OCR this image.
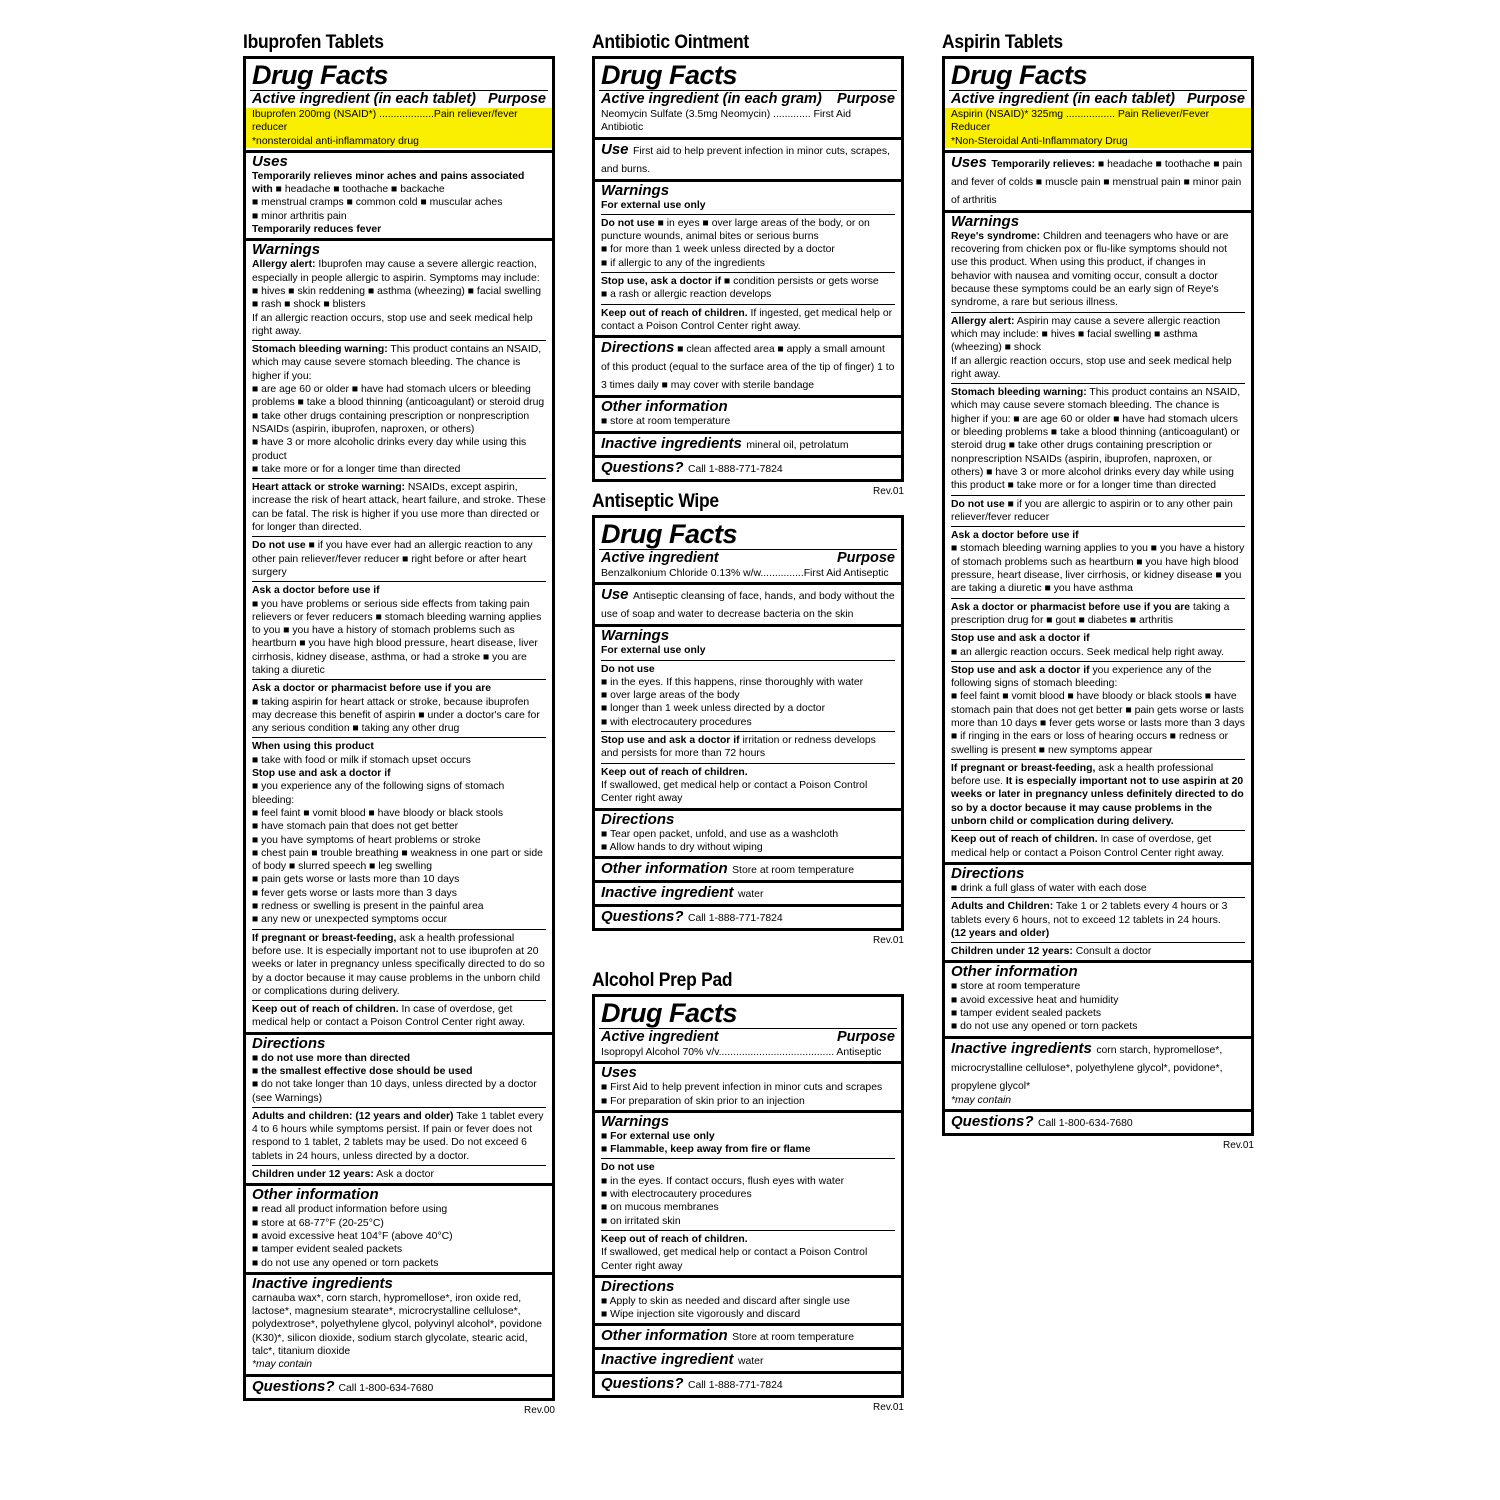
Ibuprofen Tablets
Drug Facts
Active ingredient (in each tablet) Purpose
Ibuprofen 200mg (NSAID*) ...................Pain reliever/fever reducer
*nonsteroidal anti-inflammatory drug
Uses
Temporarily relieves minor aches and pains associated with ■ headache ■ toothache ■ backache
■ menstrual cramps ■ common cold ■ muscular aches
■ minor arthritis pain
Temporarily reduces fever
Warnings
Allergy alert: Ibuprofen may cause a severe allergic reaction, especially in people allergic to aspirin. Symptoms may include: ■ hives ■ skin reddening ■ asthma (wheezing) ■ facial swelling ■ rash ■ shock ■ blisters
If an allergic reaction occurs, stop use and seek medical help right away.
Stomach bleeding warning: This product contains an NSAID, which may cause severe stomach bleeding. The chance is higher if you:
■ are age 60 or older ■ have had stomach ulcers or bleeding problems ■ take a blood thinning (anticoagulant) or steroid drug ■ take other drugs containing prescription or nonprescription NSAIDs (aspirin, ibuprofen, naproxen, or others)
■ have 3 or more alcoholic drinks every day while using this product
■ take more or for a longer time than directed
Heart attack or stroke warning: NSAIDs, except aspirin, increase the risk of heart attack, heart failure, and stroke. These can be fatal. The risk is higher if you use more than directed or for longer than directed.
Do not use ■ if you have ever had an allergic reaction to any other pain reliever/fever reducer ■ right before or after heart surgery
Ask a doctor before use if
■ you have problems or serious side effects from taking pain relievers or fever reducers ■ stomach bleeding warning applies to you ■ you have a history of stomach problems such as heartburn ■ you have high blood pressure, heart disease, liver cirrhosis, kidney disease, asthma, or had a stroke ■ you are taking a diuretic
Ask a doctor or pharmacist before use if you are
■ taking aspirin for heart attack or stroke, because ibuprofen may decrease this benefit of aspirin ■ under a doctor's care for any serious condition ■ taking any other drug
When using this product
■ take with food or milk if stomach upset occurs
Stop use and ask a doctor if
■ you experience any of the following signs of stomach bleeding:
■ feel faint ■ vomit blood ■ have bloody or black stools
■ have stomach pain that does not get better
■ you have symptoms of heart problems or stroke
■ chest pain ■ trouble breathing ■ weakness in one part or side of body ■ slurred speech ■ leg swelling
■ pain gets worse or lasts more than 10 days
■ fever gets worse or lasts more than 3 days
■ redness or swelling is present in the painful area
■ any new or unexpected symptoms occur
If pregnant or breast-feeding, ask a health professional before use. It is especially important not to use ibuprofen at 20 weeks or later in pregnancy unless specifically directed to do so by a doctor because it may cause problems in the unborn child or complications during delivery.
Keep out of reach of children. In case of overdose, get medical help or contact a Poison Control Center right away.
Directions
■ do not use more than directed
■ the smallest effective dose should be used
■ do not take longer than 10 days, unless directed by a doctor (see Warnings)
Adults and children: (12 years and older) Take 1 tablet every 4 to 6 hours while symptoms persist. If pain or fever does not respond to 1 tablet, 2 tablets may be used. Do not exceed 6 tablets in 24 hours, unless directed by a doctor.
Children under 12 years: Ask a doctor
Other information
■ read all product information before using
■ store at 68-77°F (20-25°C)
■ avoid excessive heat 104°F (above 40°C)
■ tamper evident sealed packets
■ do not use any opened or torn packets
Inactive ingredients
carnauba wax*, corn starch, hypromellose*, iron oxide red, lactose*, magnesium stearate*, microcrystalline cellulose*, polydextrose*, polyethylene glycol, polyvinyl alcohol*, povidone (K30)*, silicon dioxide, sodium starch glycolate, stearic acid, talc*, titanium dioxide
*may contain
Questions? Call 1-800-634-7680
Rev.00
Antibiotic Ointment
Drug Facts
Active ingredient (in each gram) Purpose
Neomycin Sulfate (3.5mg Neomycin) ............. First Aid Antibiotic
Use First aid to help prevent infection in minor cuts, scrapes, and burns.
Warnings
For external use only
Do not use ■ in eyes ■ over large areas of the body, or on puncture wounds, animal bites or serious burns
■ for more than 1 week unless directed by a doctor
■ if allergic to any of the ingredients
Stop use, ask a doctor if ■ condition persists or gets worse
■ a rash or allergic reaction develops
Keep out of reach of children. If ingested, get medical help or contact a Poison Control Center right away.
Directions ■ clean affected area ■ apply a small amount of this product (equal to the surface area of the tip of finger) 1 to 3 times daily ■ may cover with sterile bandage
Other information
■ store at room temperature
Inactive ingredients mineral oil, petrolatum
Questions? Call 1-888-771-7824
Rev.01
Antiseptic Wipe
Drug Facts
Active ingredient	Purpose
Benzalkonium Chloride 0.13% w/w...............First Aid Antiseptic
Use Antiseptic cleansing of face, hands, and body without the use of soap and water to decrease bacteria on the skin
Warnings
For external use only
Do not use
■ in the eyes. If this happens, rinse thoroughly with water
■ over large areas of the body
■ longer than 1 week unless directed by a doctor
■ with electrocautery procedures
Stop use and ask a doctor if irritation or redness develops and persists for more than 72 hours
Keep out of reach of children.
If swallowed, get medical help or contact a Poison Control Center right away
Directions
■ Tear open packet, unfold, and use as a washcloth
■ Allow hands to dry without wiping
Other information Store at room temperature
Inactive ingredient water
Questions? Call 1-888-771-7824
Rev.01
Alcohol Prep Pad
Drug Facts
Active ingredient	Purpose
Isopropyl Alcohol 70% v/v........................................ Antiseptic
Uses
■ First Aid to help prevent infection in minor cuts and scrapes
■ For preparation of skin prior to an injection
Warnings
■ For external use only
■ Flammable, keep away from fire or flame
Do not use
■ in the eyes. If contact occurs, flush eyes with water
■ with electrocautery procedures
■ on mucous membranes
■ on irritated skin
Keep out of reach of children.
If swallowed, get medical help or contact a Poison Control Center right away
Directions
■ Apply to skin as needed and discard after single use
■ Wipe injection site vigorously and discard
Other information Store at room temperature
Inactive ingredient water
Questions? Call 1-888-771-7824
Rev.01
Aspirin Tablets
Drug Facts
Active ingredient (in each tablet) Purpose
Aspirin (NSAID)* 325mg ................. Pain Reliever/Fever Reducer
*Non-Steroidal Anti-Inflammatory Drug
Uses Temporarily relieves: ■ headache ■ toothache ■ pain and fever of colds ■ muscle pain ■ menstrual pain ■ minor pain of arthritis
Warnings
Reye's syndrome: Children and teenagers who have or are recovering from chicken pox or flu-like symptoms should not use this product. When using this product, if changes in behavior with nausea and vomiting occur, consult a doctor because these symptoms could be an early sign of Reye's syndrome, a rare but serious illness.
Allergy alert: Aspirin may cause a severe allergic reaction which may include: ■ hives ■ facial swelling ■ asthma (wheezing) ■ shock
If an allergic reaction occurs, stop use and seek medical help right away.
Stomach bleeding warning: This product contains an NSAID, which may cause severe stomach bleeding. The chance is higher if you: ■ are age 60 or older ■ have had stomach ulcers or bleeding problems ■ take a blood thinning (anticoagulant) or steroid drug ■ take other drugs containing prescription or nonprescription NSAIDs (aspirin, ibuprofen, naproxen, or others) ■ have 3 or more alcohol drinks every day while using this product ■ take more or for a longer time than directed
Do not use ■ if you are allergic to aspirin or to any other pain reliever/fever reducer
Ask a doctor before use if
■ stomach bleeding warning applies to you ■ you have a history of stomach problems such as heartburn ■ you have high blood pressure, heart disease, liver cirrhosis, or kidney disease ■ you are taking a diuretic ■ you have asthma
Ask a doctor or pharmacist before use if you are taking a prescription drug for ■ gout ■ diabetes ■ arthritis
Stop use and ask a doctor if
■ an allergic reaction occurs. Seek medical help right away.
Stop use and ask a doctor if you experience any of the following signs of stomach bleeding:
■ feel faint ■ vomit blood ■ have bloody or black stools ■ have stomach pain that does not get better ■ pain gets worse or lasts more than 10 days ■ fever gets worse or lasts more than 3 days ■ if ringing in the ears or loss of hearing occurs ■ redness or swelling is present ■ new symptoms appear
If pregnant or breast-feeding, ask a health professional before use. It is especially important not to use aspirin at 20 weeks or later in pregnancy unless definitely directed to do so by a doctor because it may cause problems in the unborn child or complication during delivery.
Keep out of reach of children. In case of overdose, get medical help or contact a Poison Control Center right away.
Directions
■ drink a full glass of water with each dose
Adults and Children: Take 1 or 2 tablets every 4 hours or 3 tablets every 6 hours, not to exceed 12 tablets in 24 hours.
(12 years and older)
Children under 12 years: Consult a doctor
Other information
■ store at room temperature
■ avoid excessive heat and humidity
■ tamper evident sealed packets
■ do not use any opened or torn packets
Inactive ingredients corn starch, hypromellose*, microcrystalline cellulose*, polyethylene glycol*, povidone*, propylene glycol*
*may contain
Questions? Call 1-800-634-7680
Rev.01
